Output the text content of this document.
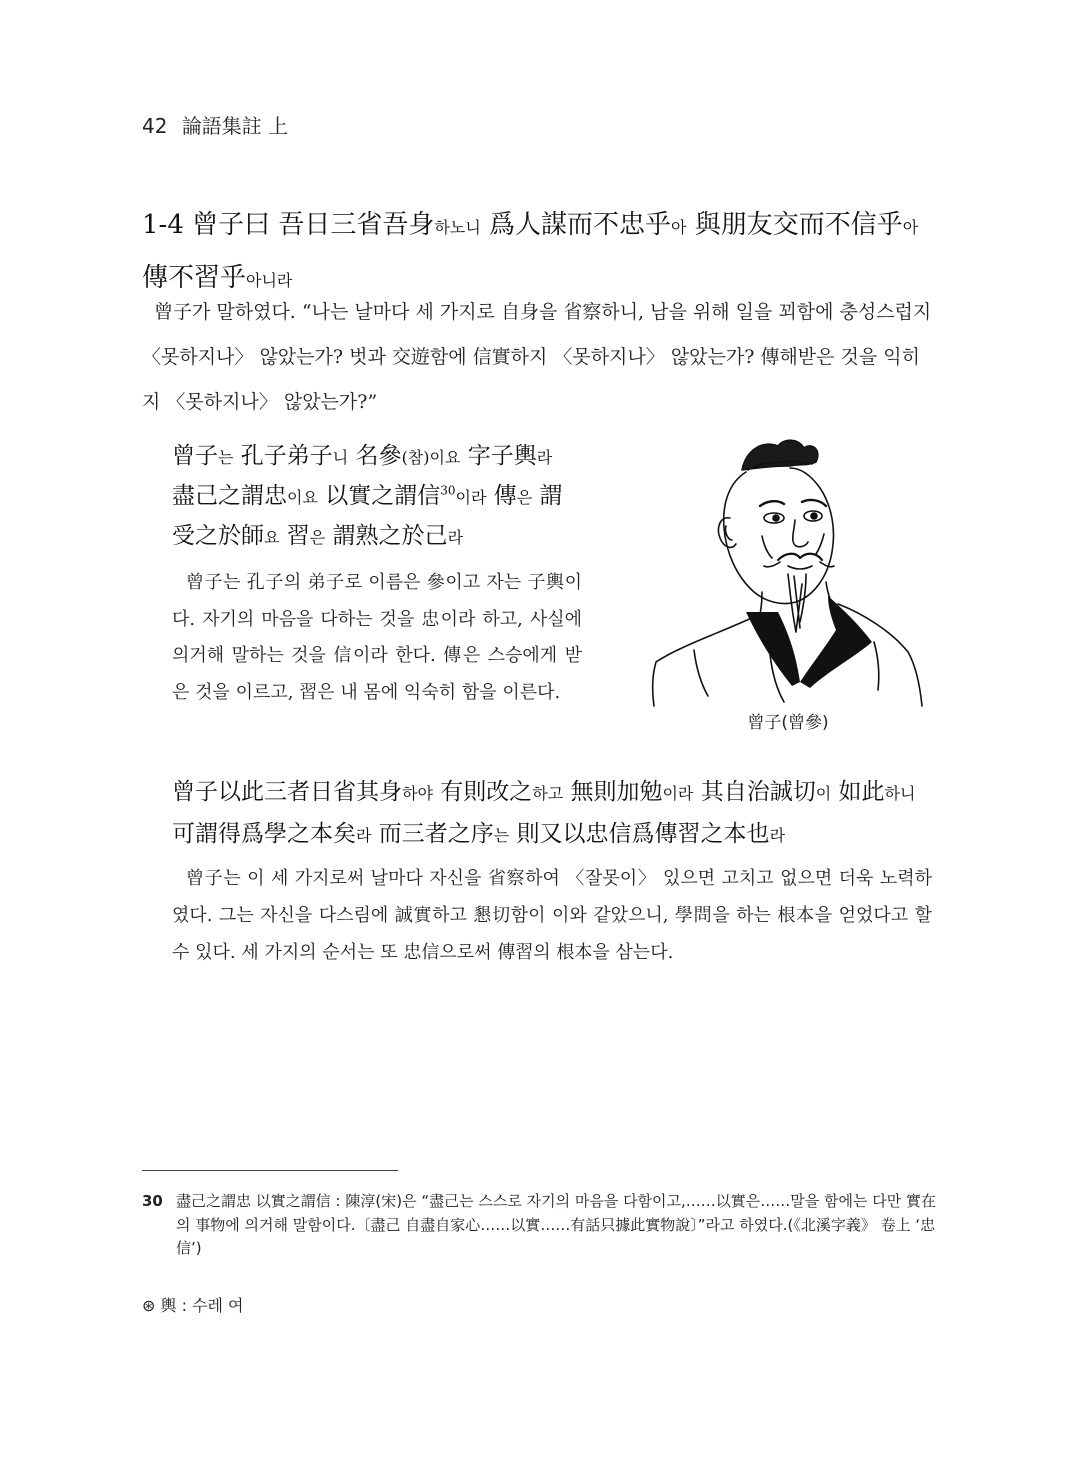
42 論語集註 上
1-4 曾子曰 吾日三省吾身하노니 爲人謀而不忠乎아 與朋友交而不信乎아 傳不習乎아니라
曾子가 말하였다. “나는 날마다 세 가지로 自身을 省察하니, 남을 위해 일을 꾀함에 충성스럽지 〈못하지나〉 않았는가? 벗과 交遊함에 信實하지 〈못하지나〉 않았는가? 傳해받은 것을 익히지 〈못하지나〉 않았는가?”
曾子는 孔子弟子니 名參(참)이요 字子輿라 盡己之謂忠이요 以實之謂信$^{30}$이라 傳은 謂受之於師요 習은 謂熟之於己라
曾子는 孔子의 弟子로 이름은 參이고 자는 子輿이다. 자기의 마음을 다하는 것을 忠이라 하고, 사실에 의거해 말하는 것을 信이라 한다. 傳은 스승에게 받은 것을 이르고, 習은 내 몸에 익숙히 함을 이른다.
曾子(曾參)
曾子以此三者日省其身하야 有則改之하고 無則加勉이라 其自治誠切이 如此하니 可謂得爲學之本矣라 而三者之序는 則又以忠信爲傳習之本也라
曾子는 이 세 가지로써 날마다 자신을 省察하여 〈잘못이〉 있으면 고치고 없으면 더욱 노력하였다. 그는 자신을 다스림에 誠實하고 懇切함이 이와 같았으니, 學問을 하는 根本을 얻었다고 할 수 있다. 세 가지의 순서는 또 忠信으로써 傳習의 根本을 삼는다.
30 盡己之謂忠 以實之謂信 : 陳淳(宋)은 “盡己는 스스로 자기의 마음을 다함이고,……以實은……말을 함에는 다만 實在의 事物에 의거해 말함이다.〔盡己 自盡自家心……以實……有話只據此實物說〕”라고 하였다.(《北溪字義》 卷上 ‘忠信’)
⊛ 輿 : 수레 여
